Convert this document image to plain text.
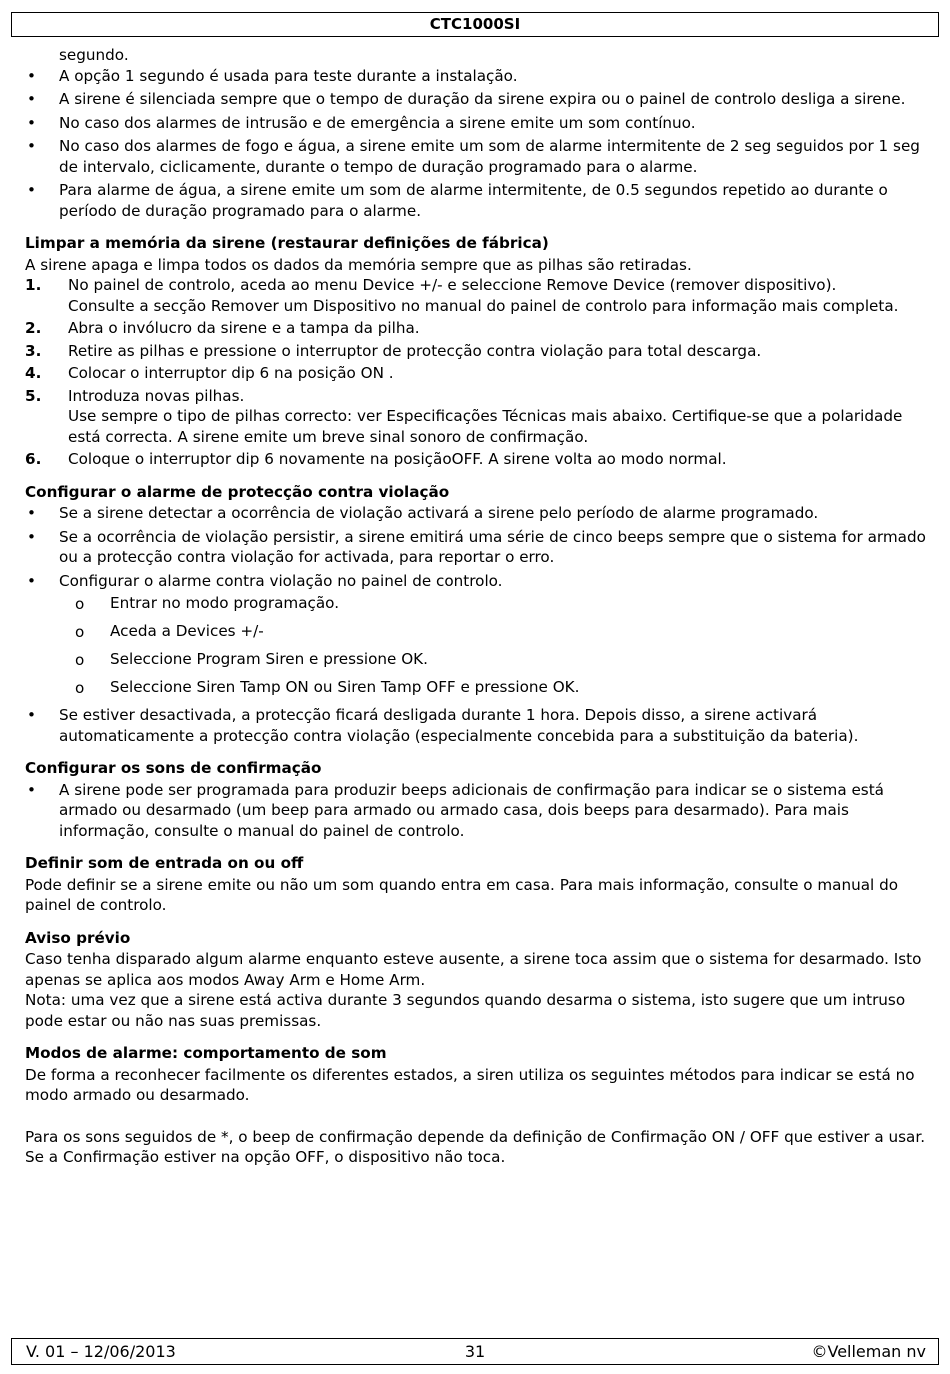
CTC1000SI

segundo.

• A opção 1 segundo é usada para teste durante a instalação.
• A sirene é silenciada sempre que o tempo de duração da sirene expira ou o painel de controlo desliga a sirene.
• No caso dos alarmes de intrusão e de emergência a sirene emite um som contínuo.
• No caso dos alarmes de fogo e água, a sirene emite um som de alarme intermitente de 2 seg seguidos por 1 seg de intervalo, ciclicamente, durante o tempo de duração programado para o alarme.
• Para alarme de água, a sirene emite um som de alarme intermitente, de 0.5 segundos repetido ao durante o período de duração programado para o alarme.
Limpar a memória da sirene (restaurar definições de fábrica)

A sirene apaga e limpa todos os dados da memória sempre que as pilhas são retiradas.

1. No painel de controlo, aceda ao menu Device +/- e seleccione Remove Device (remover dispositivo).
Consulte a secção Remover um Dispositivo no manual do painel de controlo para informação mais completa.
2. Abra o invólucro da sirene e a tampa da pilha.
3. Retire as pilhas e pressione o interruptor de protecção contra violação para total descarga.
4. Colocar o interruptor dip 6 na posição ON .
5. Introduza novas pilhas.
Use sempre o tipo de pilhas correcto: ver Especificações Técnicas mais abaixo. Certifique-se que a polaridade está correcta. A sirene emite um breve sinal sonoro de confirmação.
6. Coloque o interruptor dip 6 novamente na posiçãoOFF. A sirene volta ao modo normal.
Configurar o alarme de protecção contra violação
• Se a sirene detectar a ocorrência de violação activará a sirene pelo período de alarme programado.
• Se a ocorrência de violação persistir, a sirene emitirá uma série de cinco beeps sempre que o sistema for armado ou a protecção contra violação for activada, para reportar o erro.
• Configurar o alarme contra violação no painel de controlo.
o Entrar no modo programação.
o Aceda a Devices +/-
o Seleccione Program Siren e pressione OK.
o Seleccione Siren Tamp ON ou Siren Tamp OFF e pressione OK.
• Se estiver desactivada, a protecção ficará desligada durante 1 hora. Depois disso, a sirene activará automaticamente a protecção contra violação (especialmente concebida para a substituição da bateria).
Configurar os sons de confirmação
• A sirene pode ser programada para produzir beeps adicionais de confirmação para indicar se o sistema está armado ou desarmado (um beep para armado ou armado casa, dois beeps para desarmado). Para mais informação, consulte o manual do painel de controlo.
Definir som de entrada on ou off

Pode definir se a sirene emite ou não um som quando entra em casa. Para mais informação, consulte o manual do painel de controlo.

Aviso prévio

Caso tenha disparado algum alarme enquanto esteve ausente, a sirene toca assim que o sistema for desarmado. Isto apenas se aplica aos modos Away Arm e Home Arm.

Nota: uma vez que a sirene está activa durante 3 segundos quando desarma o sistema, isto sugere que um intruso pode estar ou não nas suas premissas.

Modos de alarme: comportamento de som

De forma a reconhecer facilmente os diferentes estados, a siren utiliza os seguintes métodos para indicar se está no modo armado ou desarmado.

Para os sons seguidos de *, o beep de confirmação depende da definição de Confirmação ON / OFF que estiver a usar. Se a Confirmação estiver na opção OFF, o dispositivo não toca.

V. 01 – 12/06/2013	31	©Velleman nv
